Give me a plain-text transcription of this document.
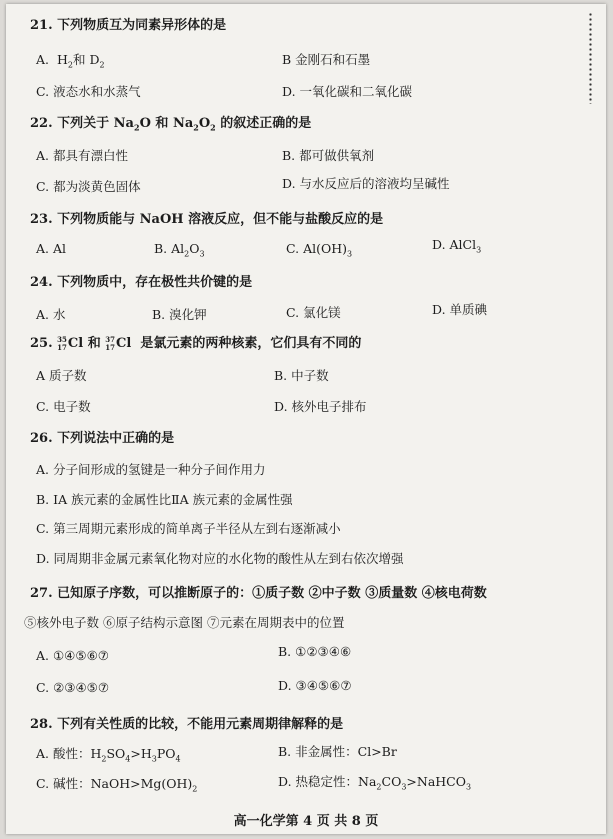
21. 下列物质互为同素异形体的是
A. $H_2$和 $D_2$	B 金刚石和石墨
C. 液态水和水蒸气	D. 一氧化碳和二氧化碳
22. 下列关于 $Na_2O$ 和 $Na_2O_2$ 的叙述正确的是
A. 都具有漂白性	B. 都可做供氧剂
C. 都为淡黄色固体	D. 与水反应后的溶液均呈碱性
23. 下列物质能与 NaOH 溶液反应，但不能与盐酸反应的是
A. Al	B. $Al_2O_3$	C. $Al(OH)_3$
D. AlCl$_3$
24. 下列物质中，存在极性共价键的是
A. 水	B. 溴化钾	C. 氯化镁	D. 单质碘
25. 35
17Cl 和 37
17Cl 是氯元素的两种核素，它们具有不同的
A 质子数	B. 中子数
C. 电子数	D. 核外电子排布
26. 下列说法中正确的是
A. 分子间形成的氢键是一种分子间作用力
B. IA 族元素的金属性比ⅡA 族元素的金属性强
C. 第三周期元素形成的简单离子半径从左到右逐渐减小
D. 同周期非金属元素氧化物对应的水化物的酸性从左到右依次增强
27. 已知原子序数，可以推断原子的：①质子数 ②中子数 ③质量数 ④核电荷数
⑤核外电子数 ⑥原子结构示意图 ⑦元素在周期表中的位置
A. ①④⑤⑥⑦	B. ①②③④⑥
C. ②③④⑤⑦	D. ③④⑤⑥⑦
28. 下列有关性质的比较，不能用元素周期律解释的是
A. 酸性：$H_2SO_4>H_3PO_4$	B. 非金属性：Cl>Br
C. 碱性：$NaOH>Mg(OH)_2$	D. 热稳定性：$Na_2CO_3>NaHCO_3$
高一化学第 4 页 共 8 页
